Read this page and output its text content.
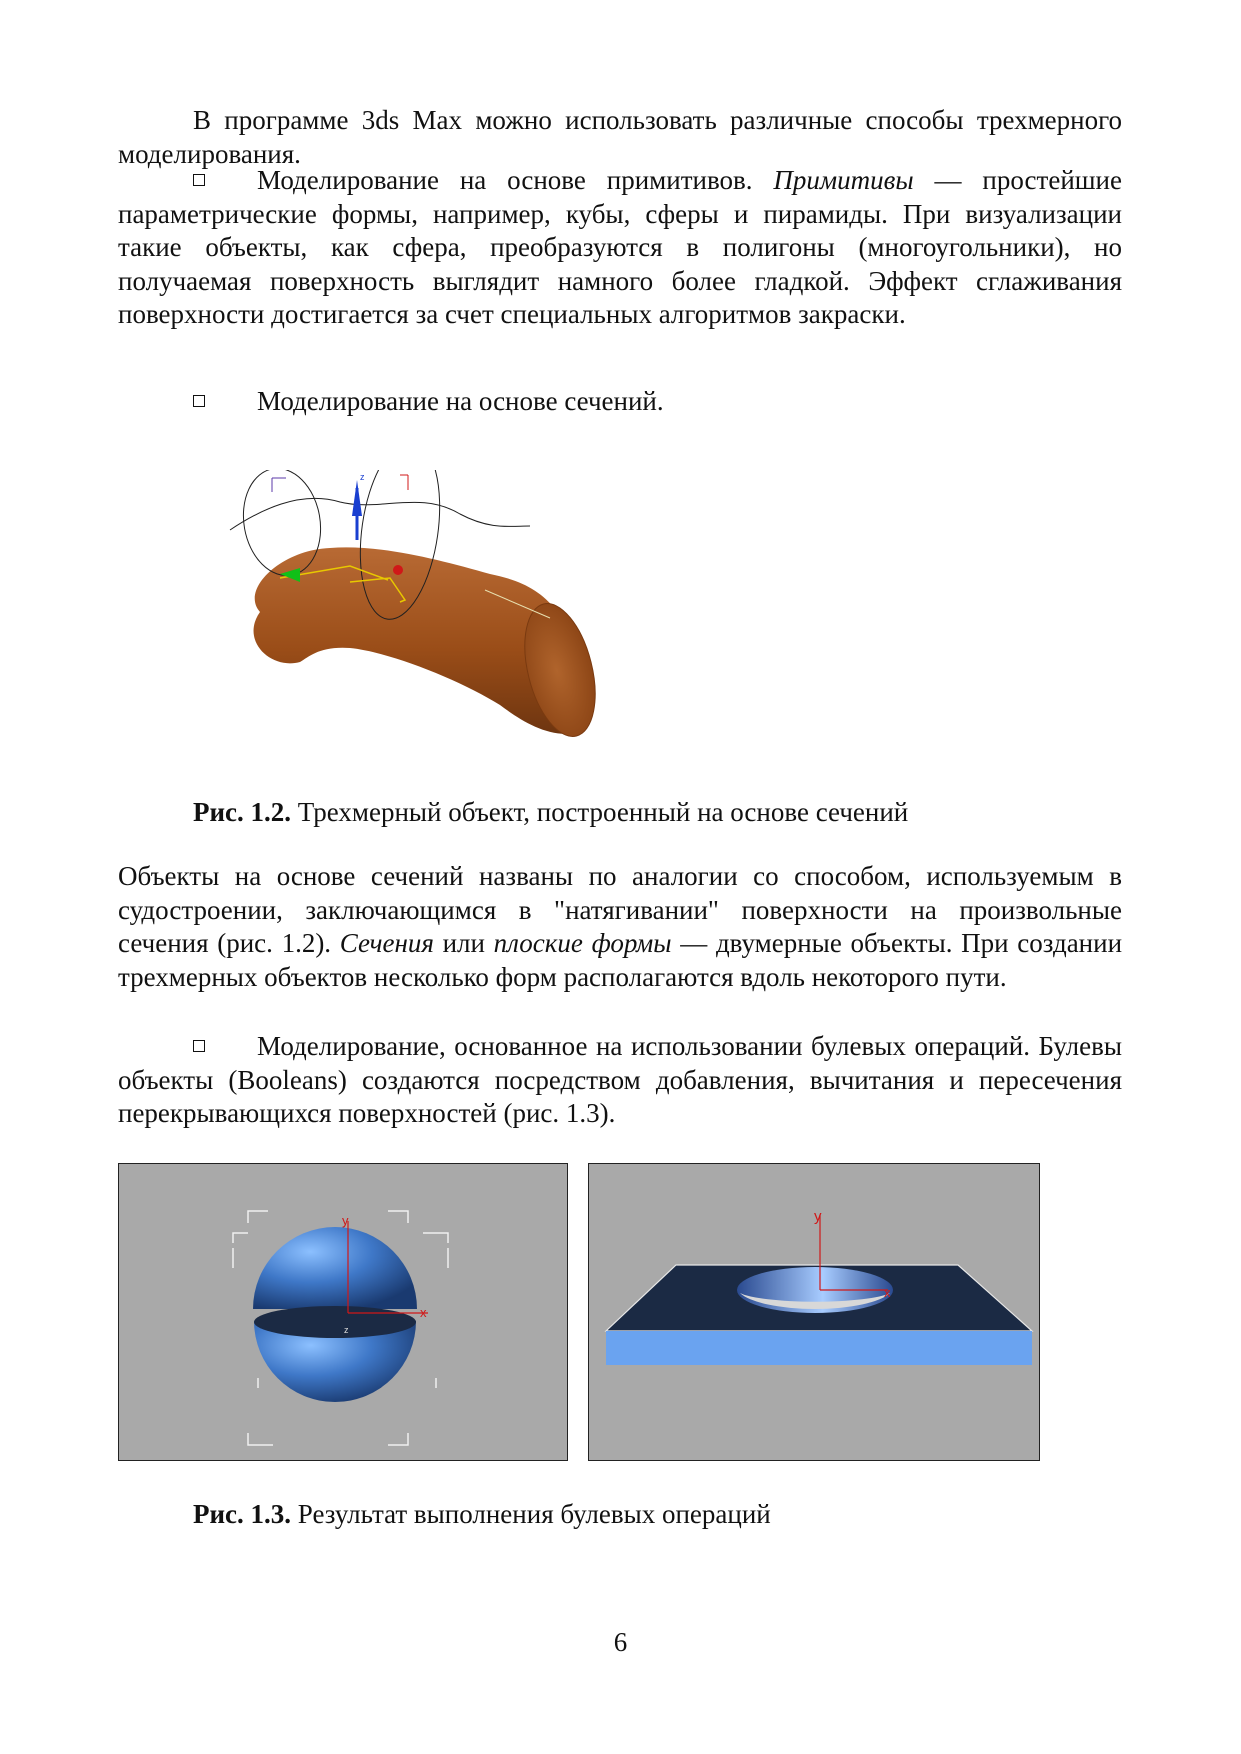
В программе 3ds Max можно использовать различные способы трехмерного моделирования.

Моделирование на основе примитивов. Примитивы — простейшие параметрические формы, например, кубы, сферы и пирамиды. При визуализации такие объекты, как сфера, преобразуются в полигоны (многоугольники), но получаемая поверхность выглядит намного более гладкой. Эффект сглаживания поверхности достигается за счет специальных алгоритмов закраски.

Моделирование на основе сечений.

z

Рис. 1.2. Трехмерный объект, построенный на основе сечений

Объекты на основе сечений названы по аналогии со способом, используемым в судостроении, заключающимся в "натягивании" поверхности на произвольные сечения (рис. 1.2). Сечения или плоские формы — двумерные объекты. При создании трехмерных объектов несколько форм располагаются вдоль некоторого пути.

Моделирование, основанное на использовании булевых операций. Булевы объекты (Booleans) создаются посредством добавления, вычитания и пересечения перекрывающихся поверхностей (рис. 1.3).

y
x
z
y
x

Рис. 1.3. Результат выполнения булевых операций

6
